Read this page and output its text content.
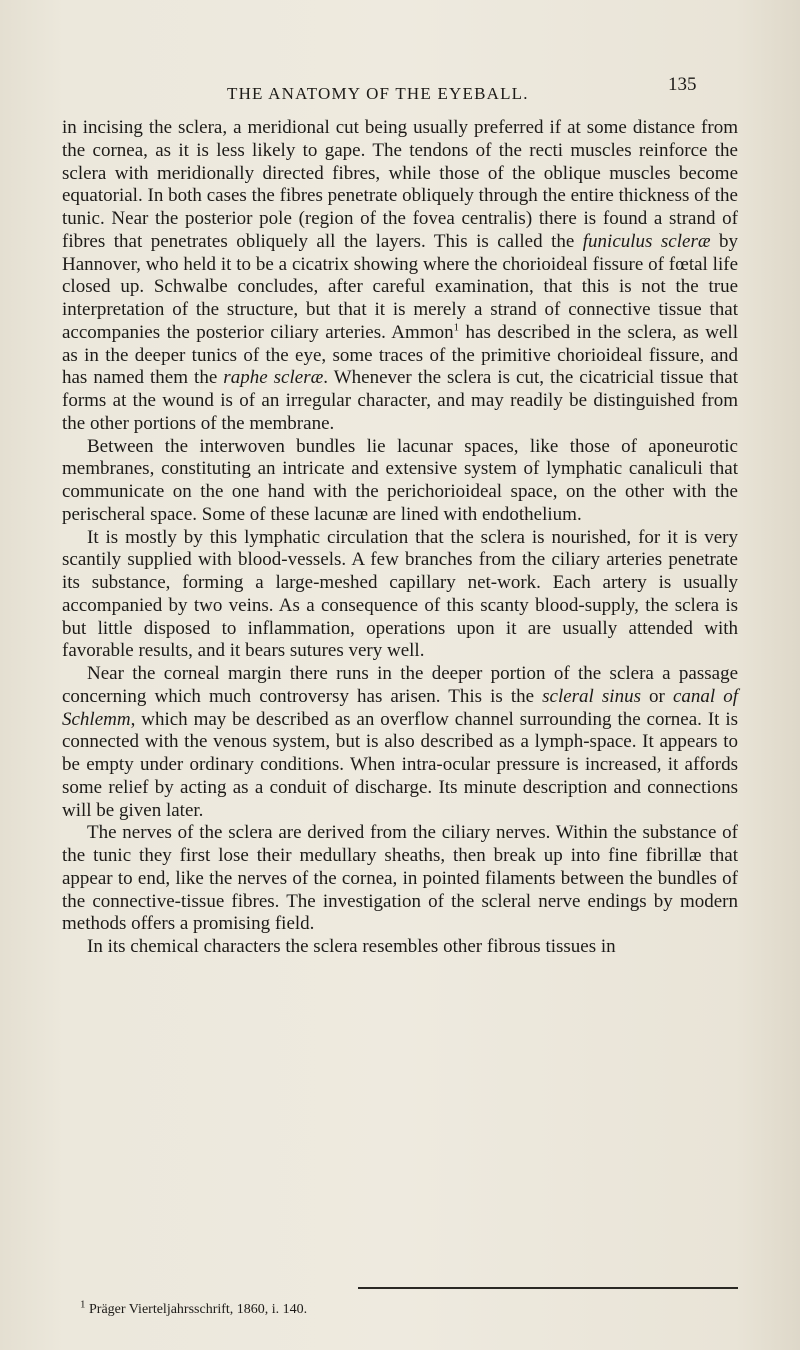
THE ANATOMY OF THE EYEBALL.	135

in incising the sclera, a meridional cut being usually preferred if at some distance from the cornea, as it is less likely to gape. The tendons of the recti muscles reinforce the sclera with meridionally directed fibres, while those of the oblique muscles become equatorial. In both cases the fibres penetrate obliquely through the entire thickness of the tunic. Near the posterior pole (region of the fovea centralis) there is found a strand of fibres that penetrates obliquely all the layers. This is called the funiculus scleræ by Hannover, who held it to be a cicatrix showing where the chorioideal fissure of fœtal life closed up. Schwalbe concludes, after careful examination, that this is not the true interpretation of the structure, but that it is merely a strand of connective tissue that accompanies the posterior ciliary arteries. Ammon$^1$ has described in the sclera, as well as in the deeper tunics of the eye, some traces of the primitive chorioideal fissure, and has named them the raphe scleræ. Whenever the sclera is cut, the cicatricial tissue that forms at the wound is of an irregular character, and may readily be distinguished from the other portions of the membrane.

Between the interwoven bundles lie lacunar spaces, like those of aponeurotic membranes, constituting an intricate and extensive system of lymphatic canaliculi that communicate on the one hand with the perichorioideal space, on the other with the perischeral space. Some of these lacunæ are lined with endothelium.

It is mostly by this lymphatic circulation that the sclera is nourished, for it is very scantily supplied with blood-vessels. A few branches from the ciliary arteries penetrate its substance, forming a large-meshed capillary net-work. Each artery is usually accompanied by two veins. As a consequence of this scanty blood-supply, the sclera is but little disposed to inflammation, operations upon it are usually attended with favorable results, and it bears sutures very well.

Near the corneal margin there runs in the deeper portion of the sclera a passage concerning which much controversy has arisen. This is the scleral sinus or canal of Schlemm, which may be described as an overflow channel surrounding the cornea. It is connected with the venous system, but is also described as a lymph-space. It appears to be empty under ordinary conditions. When intra-ocular pressure is increased, it affords some relief by acting as a conduit of discharge. Its minute description and connections will be given later.

The nerves of the sclera are derived from the ciliary nerves. Within the substance of the tunic they first lose their medullary sheaths, then break up into fine fibrillæ that appear to end, like the nerves of the cornea, in pointed filaments between the bundles of the connective-tissue fibres. The investigation of the scleral nerve endings by modern methods offers a promising field.

In its chemical characters the sclera resembles other fibrous tissues in

$^1$ Präger Vierteljahrsschrift, 1860, i. 140.
